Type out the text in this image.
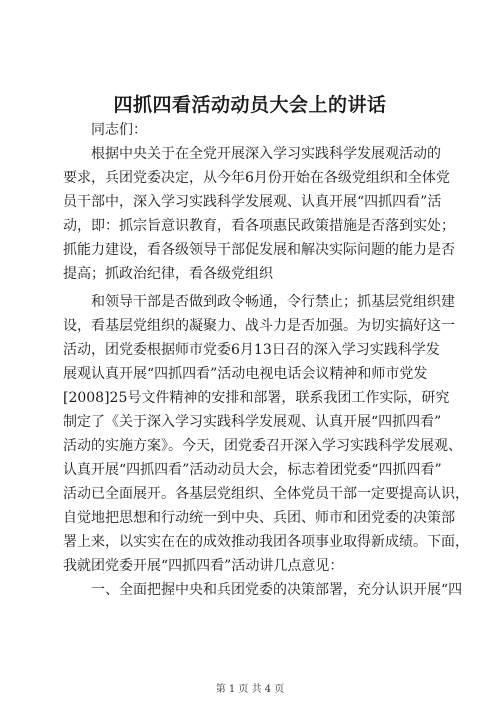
四抓四看活动动员大会上的讲话
同志们：
根据中央关于在全党开展深入学习实践科学发展观活动的
要求，兵团党委决定，从今年6月份开始在各级党组织和全体党
员干部中，深入学习实践科学发展观、认真开展“四抓四看”活
动，即：抓宗旨意识教育，看各项惠民政策措施是否落到实处；
抓能力建设，看各级领导干部促发展和解决实际问题的能力是否
提高；抓政治纪律，看各级党组织
和领导干部是否做到政令畅通，令行禁止；抓基层党组织建
设，看基层党组织的凝聚力、战斗力是否加强。为切实搞好这一
活动，团党委根据师市党委6月13日召的深入学习实践科学发
展观认真开展“四抓四看”活动电视电话会议精神和师市党发
[2008]25号文件精神的安排和部署，联系我团工作实际，研究
制定了《关于深入学习实践科学发展观、认真开展“四抓四看”
活动的实施方案》。今天，团党委召开深入学习实践科学发展观、
认真开展“四抓四看”活动动员大会，标志着团党委“四抓四看”
活动已全面展开。各基层党组织、全体党员干部一定要提高认识，
自觉地把思想和行动统一到中央、兵团、师市和团党委的决策部
署上来，以实实在在的成效推动我团各项事业取得新成绩。下面，
我就团党委开展“四抓四看”活动讲几点意见：
一、全面把握中央和兵团党委的决策部署，充分认识开展“四
第 1 页 共 4 页
